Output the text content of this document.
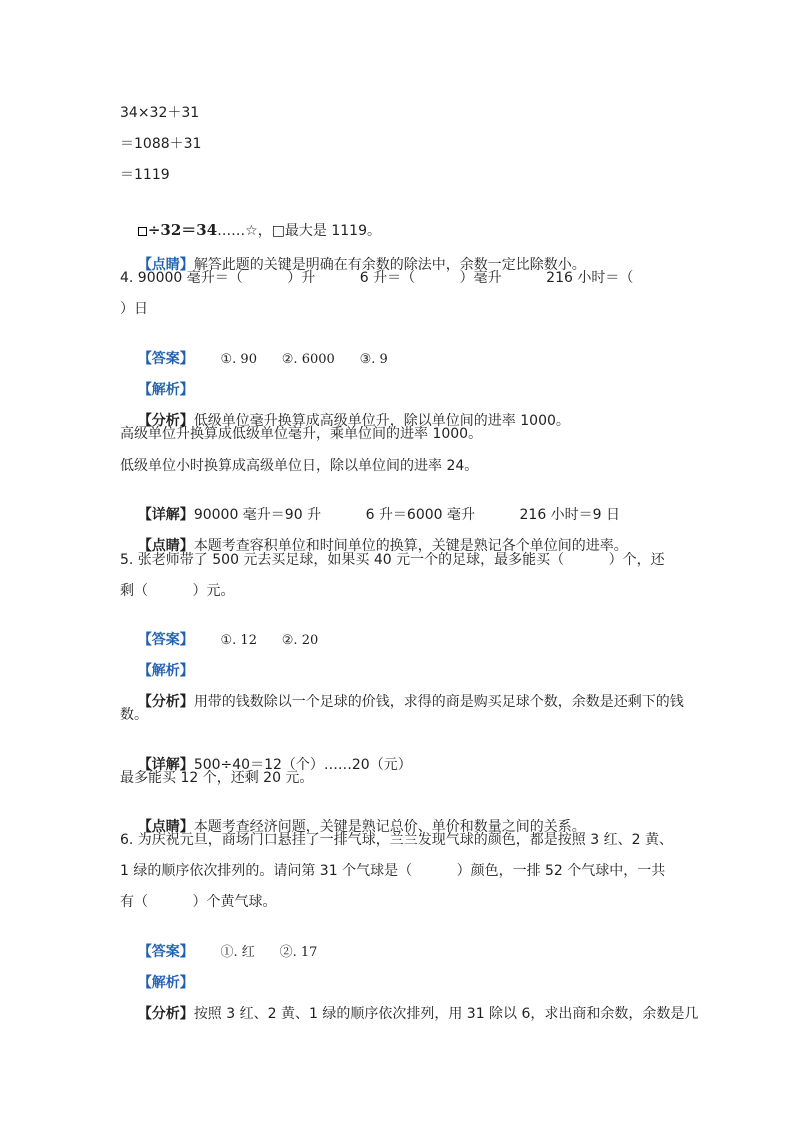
34×32＋31
＝1088＋31
＝1119

÷32＝34……☆，□最大是 1119。

【点睛】解答此题的关键是明确在有余数的除法中，余数一定比除数小。

4. 90000 毫升＝（          ）升          6 升＝（          ）毫升          216 小时＝（
）日

【答案】 ①. 90      ②. 6000      ③. 9

【解析】

【分析】低级单位毫升换算成高级单位升，除以单位间的进率 1000。

高级单位升换算成低级单位毫升，乘单位间的进率 1000。
低级单位小时换算成高级单位日，除以单位间的进率 24。

【详解】90000 毫升＝90 升          6 升＝6000 毫升          216 小时＝9 日

【点睛】本题考查容积单位和时间单位的换算，关键是熟记各个单位间的进率。

5. 张老师带了 500 元去买足球，如果买 40 元一个的足球，最多能买（          ）个，还
剩（          ）元。

【答案】 ①. 12      ②. 20

【解析】

【分析】用带的钱数除以一个足球的价钱，求得的商是购买足球个数，余数是还剩下的钱

数。

【详解】500÷40＝12（个）……20（元）

最多能买 12 个，还剩 20 元。

【点睛】本题考查经济问题，关键是熟记总价、单价和数量之间的关系。

6. 为庆祝元旦，商场门口悬挂了一排气球，兰兰发现气球的颜色，都是按照 3 红、2 黄、
1 绿的顺序依次排列的。请问第 31 个气球是（          ）颜色，一排 52 个气球中，一共
有（          ）个黄气球。

【答案】 ①. 红      ②. 17

【解析】

【分析】按照 3 红、2 黄、1 绿的顺序依次排列，用 31 除以 6，求出商和余数，余数是几
